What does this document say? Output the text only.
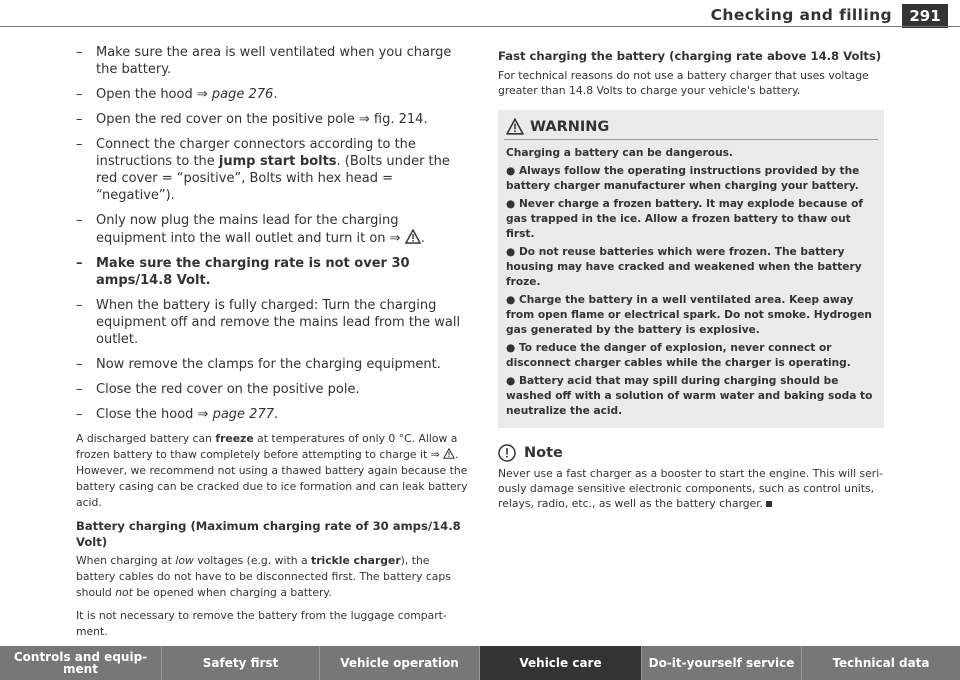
Checking and filling	291
– Make sure the area is well ventilated when you charge the battery.
– Open the hood ⇒ page 276.
– Open the red cover on the positive pole ⇒ fig. 214.
– Connect the charger connectors according to the instructions to the jump start bolts. (Bolts under the red cover = “positive”, Bolts with hex head = “negative”).
– Only now plug the mains lead for the charging equipment into the wall outlet and turn it on ⇒ .
– Make sure the charging rate is not over 30 amps/14.8 Volt.
– When the battery is fully charged: Turn the charging equipment off and remove the mains lead from the wall outlet.
– Now remove the clamps for the charging equipment.
– Close the red cover on the positive pole.
– Close the hood ⇒ page 277.

A discharged battery can freeze at temperatures of only 0 °C. Allow a frozen battery to thaw completely before attempting to charge it ⇒ . However, we recommend not using a thawed battery again because the battery casing can be cracked due to ice formation and can leak battery acid.

Battery charging (Maximum charging rate of 30 amps/14.8 Volt)

When charging at low voltages (e.g. with a trickle charger), the battery cables do not have to be disconnected first. The battery caps should not be opened when charging a battery.

It is not necessary to remove the battery from the luggage compartment.

Fast charging the battery (charging rate above 14.8 Volts)

For technical reasons do not use a battery charger that uses voltage greater than 14.8 Volts to charge your vehicle's battery.

WARNING

Charging a battery can be dangerous.

● Always follow the operating instructions provided by the battery charger manufacturer when charging your battery.

● Never charge a frozen battery. It may explode because of gas trapped in the ice. Allow a frozen battery to thaw out first.

● Do not reuse batteries which were frozen. The battery housing may have cracked and weakened when the battery froze.

● Charge the battery in a well ventilated area. Keep away from open flame or electrical spark. Do not smoke. Hydrogen gas generated by the battery is explosive.

● To reduce the danger of explosion, never connect or disconnect charger cables while the charger is operating.

● Battery acid that may spill during charging should be washed off with a solution of warm water and baking soda to neutralize the acid.

Note

Never use a fast charger as a booster to start the engine. This will seriously damage sensitive electronic components, such as control units, relays, radio, etc., as well as the battery charger.

Controls and equip-ment	Safety first	Vehicle operation	Vehicle care	Do-it-yourself service	Technical data
